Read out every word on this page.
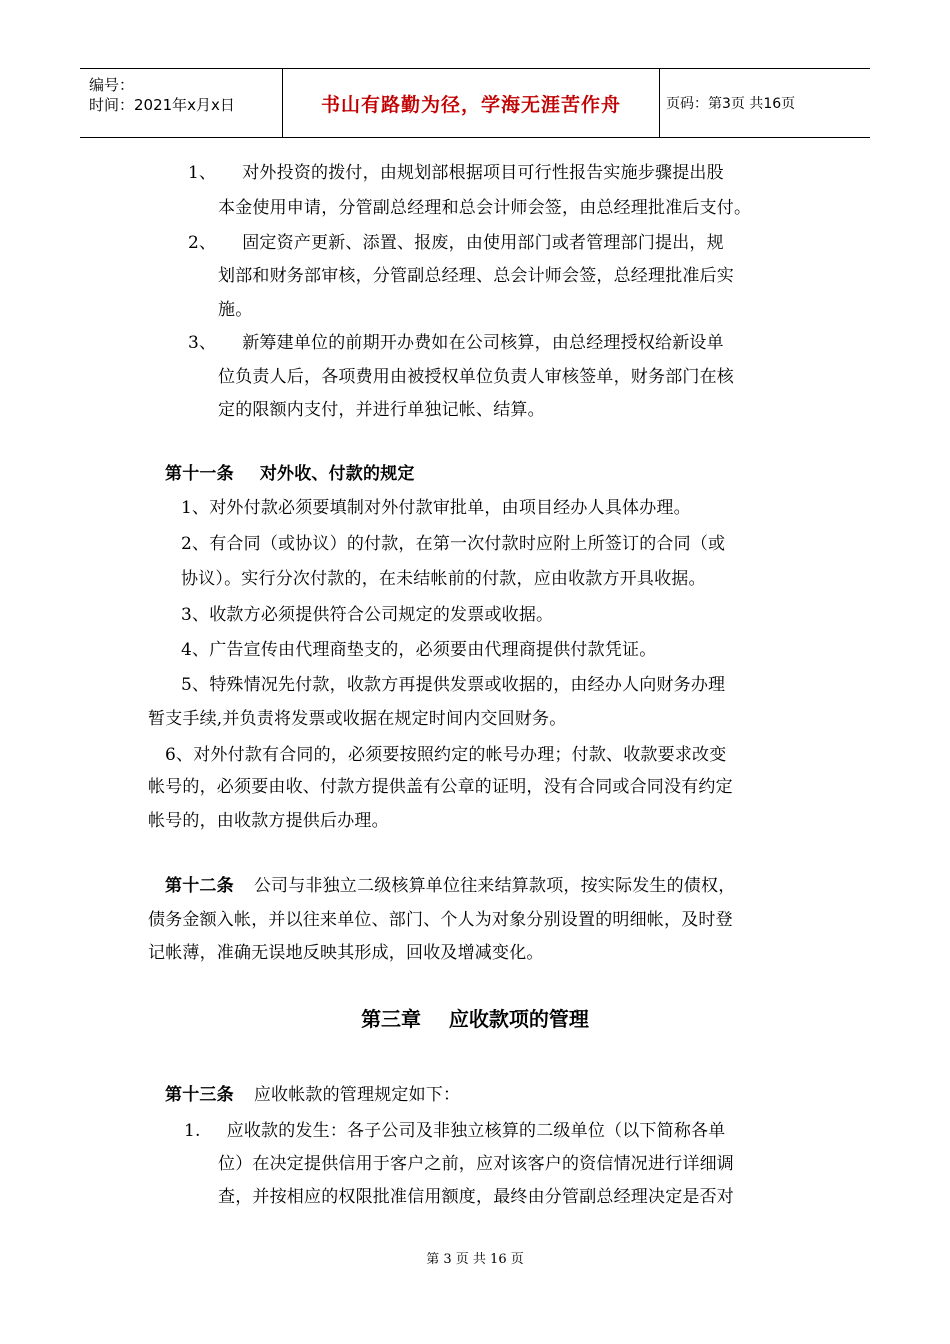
编号：
时间：2021年x月x日	书山有路勤为径，学海无涯苦作舟	页码：第3页 共16页
1、 对外投资的拨付，由规划部根据项目可行性报告实施步骤提出股
本金使用申请，分管副总经理和总会计师会签，由总经理批准后支付。
2、 固定资产更新、添置、报废，由使用部门或者管理部门提出，规
划部和财务部审核，分管副总经理、总会计师会签，总经理批准后实
施。
3、 新筹建单位的前期开办费如在公司核算，由总经理授权给新设单
位负责人后，各项费用由被授权单位负责人审核签单，财务部门在核
定的限额内支付，并进行单独记帐、结算。
第十一条 对外收、付款的规定
1、对外付款必须要填制对外付款审批单，由项目经办人具体办理。
2、有合同（或协议）的付款，在第一次付款时应附上所签订的合同（或
协议）。实行分次付款的，在未结帐前的付款，应由收款方开具收据。
3、收款方必须提供符合公司规定的发票或收据。
4、广告宣传由代理商垫支的，必须要由代理商提供付款凭证。
5、特殊情况先付款，收款方再提供发票或收据的，由经办人向财务办理
暂支手续,并负责将发票或收据在规定时间内交回财务。
6、对外付款有合同的，必须要按照约定的帐号办理；付款、收款要求改变
帐号的，必须要由收、付款方提供盖有公章的证明，没有合同或合同没有约定
帐号的，由收款方提供后办理。
第十二条 公司与非独立二级核算单位往来结算款项，按实际发生的债权，
债务金额入帐，并以往来单位、部门、个人为对象分别设置的明细帐，及时登
记帐薄，准确无误地反映其形成，回收及增减变化。
第三章    应收款项的管理
第十三条 应收帐款的管理规定如下：
1. 应收款的发生：各子公司及非独立核算的二级单位（以下简称各单
位）在决定提供信用于客户之前，应对该客户的资信情况进行详细调
查，并按相应的权限批准信用额度，最终由分管副总经理决定是否对
第 3 页 共 16 页
